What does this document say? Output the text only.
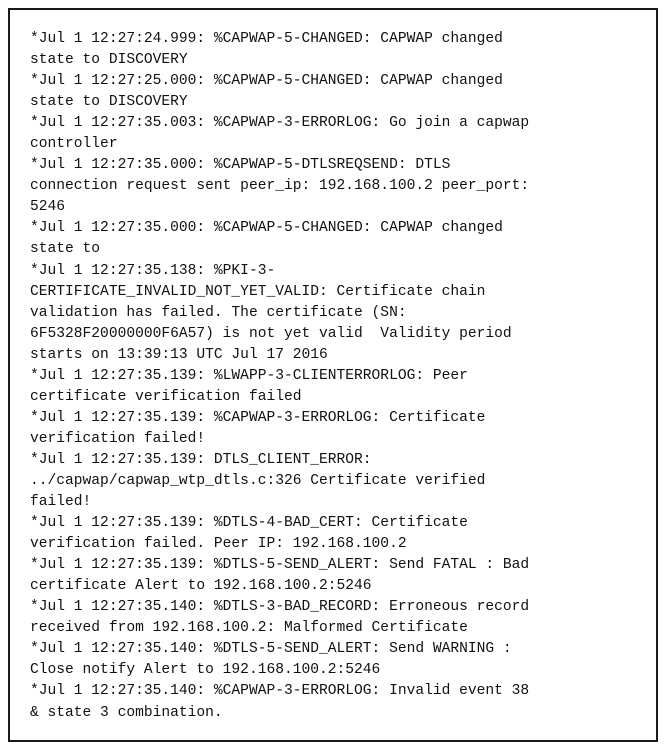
*Jul 1 12:27:24.999: %CAPWAP-5-CHANGED: CAPWAP changed
state to DISCOVERY
*Jul 1 12:27:25.000: %CAPWAP-5-CHANGED: CAPWAP changed
state to DISCOVERY
*Jul 1 12:27:35.003: %CAPWAP-3-ERRORLOG: Go join a capwap
controller
*Jul 1 12:27:35.000: %CAPWAP-5-DTLSREQSEND: DTLS
connection request sent peer_ip: 192.168.100.2 peer_port:
5246
*Jul 1 12:27:35.000: %CAPWAP-5-CHANGED: CAPWAP changed
state to
*Jul 1 12:27:35.138: %PKI-3-
CERTIFICATE_INVALID_NOT_YET_VALID: Certificate chain
validation has failed. The certificate (SN:
6F5328F20000000F6A57) is not yet valid  Validity period
starts on 13:39:13 UTC Jul 17 2016
*Jul 1 12:27:35.139: %LWAPP-3-CLIENTERRORLOG: Peer
certificate verification failed
*Jul 1 12:27:35.139: %CAPWAP-3-ERRORLOG: Certificate
verification failed!
*Jul 1 12:27:35.139: DTLS_CLIENT_ERROR:
../capwap/capwap_wtp_dtls.c:326 Certificate verified
failed!
*Jul 1 12:27:35.139: %DTLS-4-BAD_CERT: Certificate
verification failed. Peer IP: 192.168.100.2
*Jul 1 12:27:35.139: %DTLS-5-SEND_ALERT: Send FATAL : Bad
certificate Alert to 192.168.100.2:5246
*Jul 1 12:27:35.140: %DTLS-3-BAD_RECORD: Erroneous record
received from 192.168.100.2: Malformed Certificate
*Jul 1 12:27:35.140: %DTLS-5-SEND_ALERT: Send WARNING :
Close notify Alert to 192.168.100.2:5246
*Jul 1 12:27:35.140: %CAPWAP-3-ERRORLOG: Invalid event 38
& state 3 combination.
